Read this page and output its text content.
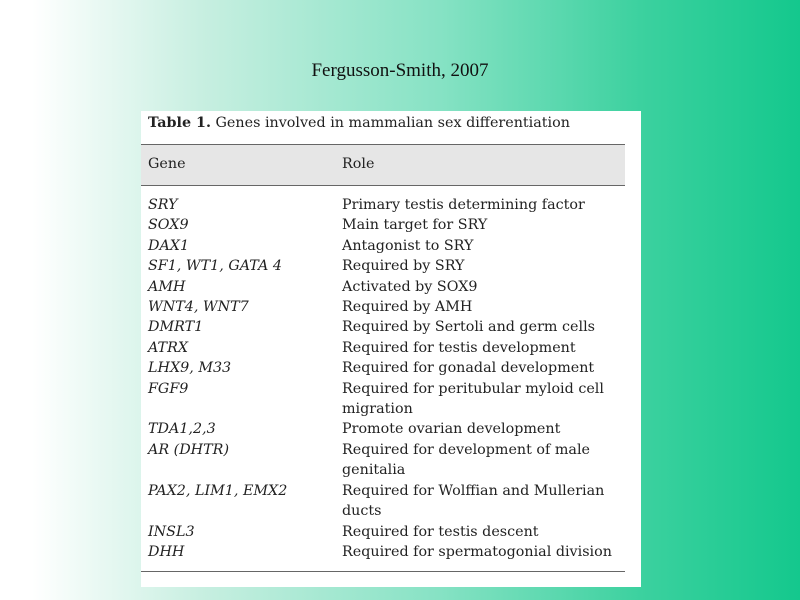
Fergusson-Smith, 2007
Table 1. Genes involved in mammalian sex differentiation
Gene	Role
SRY	Primary testis determining factor
SOX9	Main target for SRY
DAX1	Antagonist to SRY
SF1, WT1, GATA 4	Required by SRY
AMH	Activated by SOX9
WNT4, WNT7	Required by AMH
DMRT1	Required by Sertoli and germ cells
ATRX	Required for testis development
LHX9, M33	Required for gonadal development
FGF9	Required for peritubular myloid cell migration
TDA1,2,3	Promote ovarian development
AR (DHTR)	Required for development of male genitalia
PAX2, LIM1, EMX2	Required for Wolffian and Mullerian ducts
INSL3	Required for testis descent
DHH	Required for spermatogonial division
